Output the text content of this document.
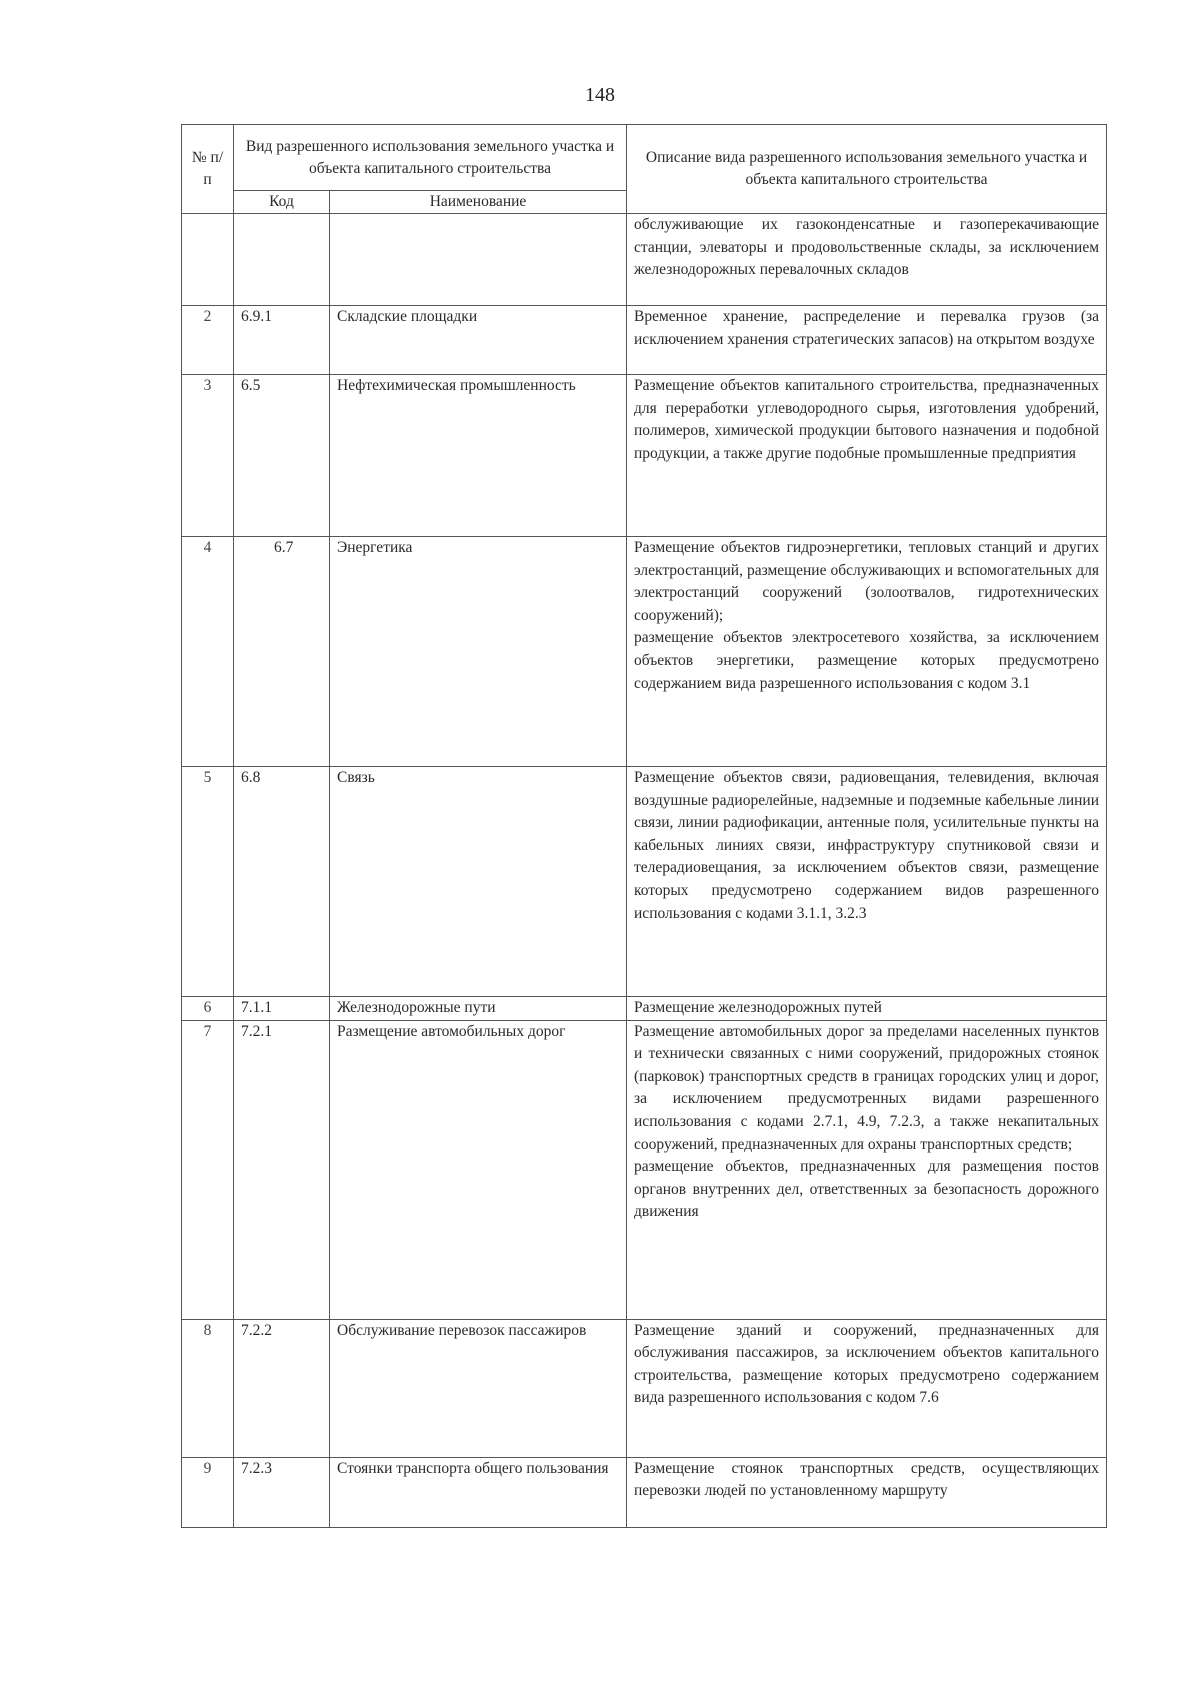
148
№ п/п	Вид разрешенного использования земельного участка и объекта капитального строительства		Описание вида разрешенного использования земельного участка и объекта капитального строительства
	Код	Наименование	
			обслуживающие их газоконденсатные и газоперекачивающие станции, элеваторы и продовольственные склады, за исключением железнодорожных перевалочных складов
2	6.9.1	Складские площадки	Временное хранение, распределение и перевалка грузов (за исключением хранения стратегических запасов) на открытом воздухе
3	6.5	Нефтехимическая промышленность	Размещение объектов капитального строительства, предназначенных для переработки углеводородного сырья, изготовления удобрений, полимеров, химической продукции бытового назначения и подобной продукции, а также другие подобные промышленные предприятия
4	6.7	Энергетика	Размещение объектов гидроэнергетики, тепловых станций и других электростанций, размещение обслуживающих и вспомогательных для электростанций сооружений (золоотвалов, гидротехнических сооружений);
размещение объектов электросетевого хозяйства, за исключением объектов энергетики, размещение которых предусмотрено содержанием вида разрешенного использования с кодом 3.1

5	6.8	Связь	Размещение объектов связи, радиовещания, телевидения, включая воздушные радиорелейные, надземные и подземные кабельные линии связи, линии радиофикации, антенные поля, усилительные пункты на кабельных линиях связи, инфраструктуру спутниковой связи и телерадиовещания, за исключением объектов связи, размещение которых предусмотрено содержанием видов разрешенного использования с кодами 3.1.1, 3.2.3
6	7.1.1	Железнодорожные пути	Размещение железнодорожных путей
7	7.2.1	Размещение автомобильных дорог	Размещение автомобильных дорог за пределами населенных пунктов и технически связанных с ними сооружений, придорожных стоянок (парковок) транспортных средств в границах городских улиц и дорог, за исключением предусмотренных видами разрешенного использования с кодами 2.7.1, 4.9, 7.2.3, а также некапитальных сооружений, предназначенных для охраны транспортных средств;
размещение объектов, предназначенных для размещения постов органов внутренних дел, ответственных за безопасность дорожного движения

8	7.2.2	Обслуживание перевозок пассажиров	Размещение зданий и сооружений, предназначенных для обслуживания пассажиров, за исключением объектов капитального строительства, размещение которых предусмотрено содержанием вида разрешенного использования с кодом 7.6
9	7.2.3	Стоянки транспорта общего пользования	Размещение стоянок транспортных средств, осуществляющих перевозки людей по установленному маршруту
